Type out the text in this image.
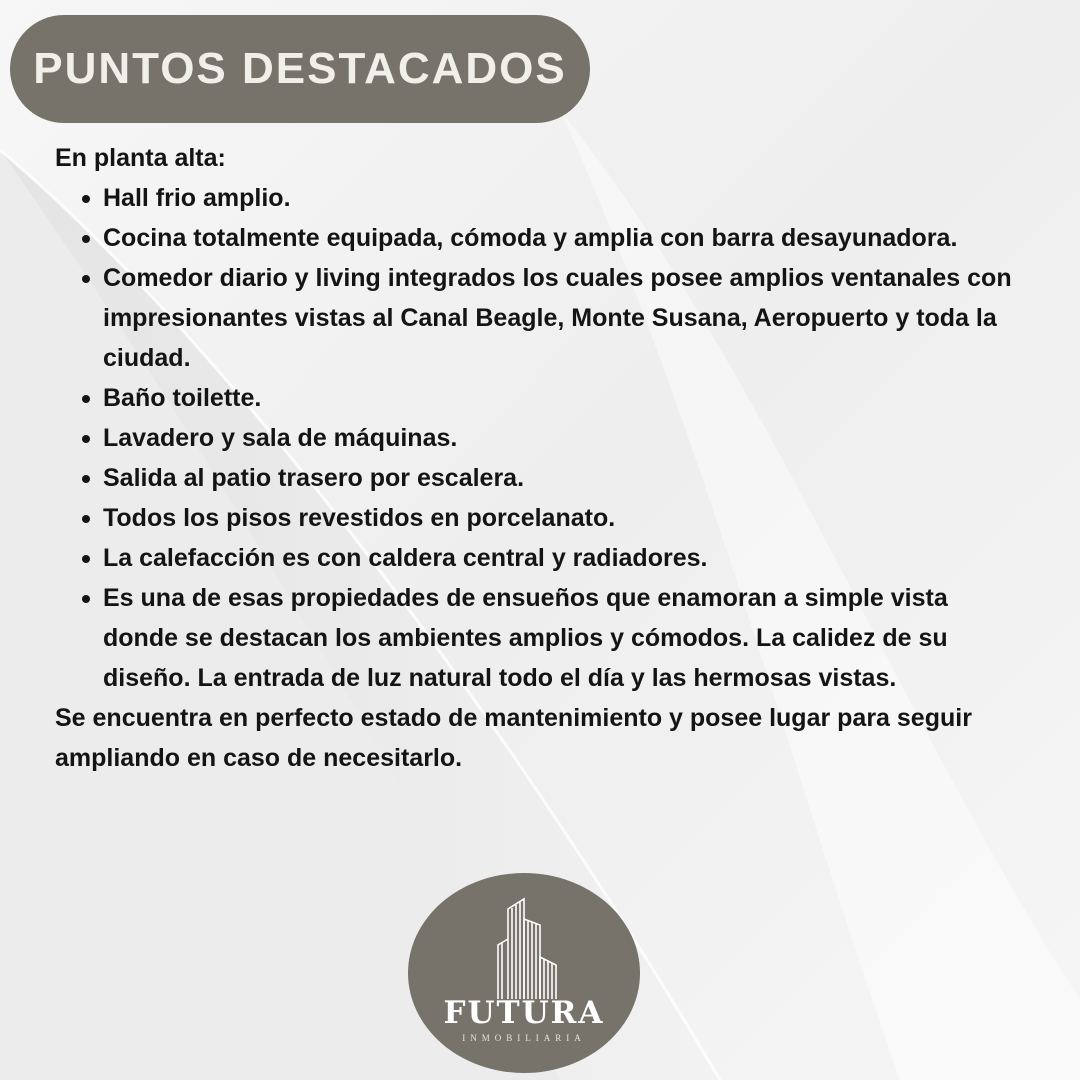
PUNTOS DESTACADOS

En planta alta:

Hall frio amplio.
Cocina totalmente equipada, cómoda y amplia con barra desayunadora.
Comedor diario y living integrados los cuales posee amplios ventanales con impresionantes vistas al Canal Beagle, Monte Susana, Aeropuerto y toda la ciudad.
Baño toilette.
Lavadero y sala de máquinas.
Salida al patio trasero por escalera.
Todos los pisos revestidos en porcelanato.
La calefacción es con caldera central y radiadores.
Es una de esas propiedades de ensueños que enamoran a simple vista donde se destacan los ambientes amplios y cómodos. La calidez de su diseño. La entrada de luz natural todo el día y las hermosas vistas.

Se encuentra en perfecto estado de mantenimiento y posee lugar para seguir ampliando en caso de necesitarlo.

FUTURA
INMOBILIARIA
